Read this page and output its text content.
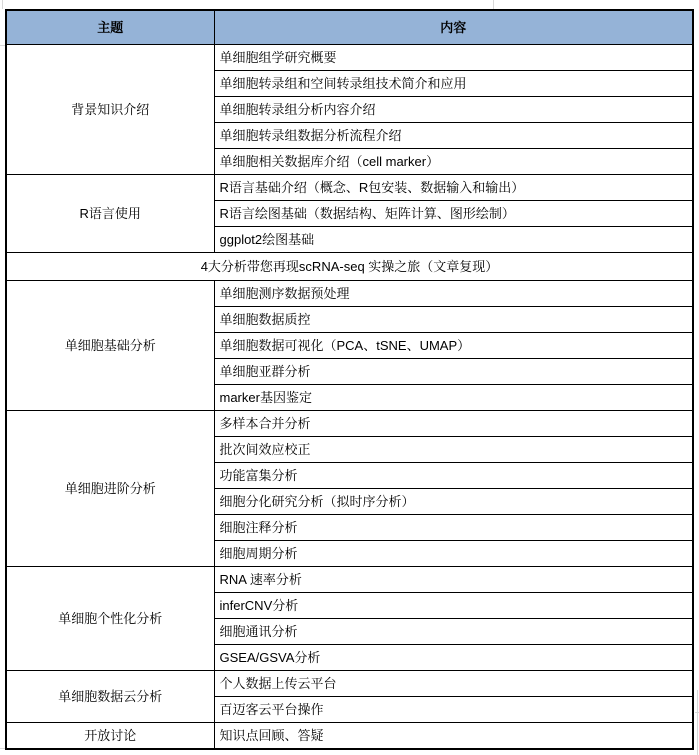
主题	内容
背景知识介绍	单细胞组学研究概要
	单细胞转录组和空间转录组技术简介和应用
	单细胞转录组分析内容介绍
	单细胞转录组数据分析流程介绍
	单细胞相关数据库介绍（cell marker）
R语言使用	R语言基础介绍（概念、R包安装、数据输入和输出）
	R语言绘图基础（数据结构、矩阵计算、图形绘制）
	ggplot2绘图基础
4大分析带您再现scRNA-seq 实操之旅（文章复现）	
单细胞基础分析	单细胞测序数据预处理
	单细胞数据质控
	单细胞数据可视化（PCA、tSNE、UMAP）
	单细胞亚群分析
	marker基因鉴定
单细胞进阶分析	多样本合并分析
	批次间效应校正
	功能富集分析
	细胞分化研究分析（拟时序分析）
	细胞注释分析
	细胞周期分析
单细胞个性化分析	RNA 速率分析
	inferCNV分析
	细胞通讯分析
	GSEA/GSVA分析
单细胞数据云分析	个人数据上传云平台
	百迈客云平台操作
开放讨论	知识点回顾、答疑
